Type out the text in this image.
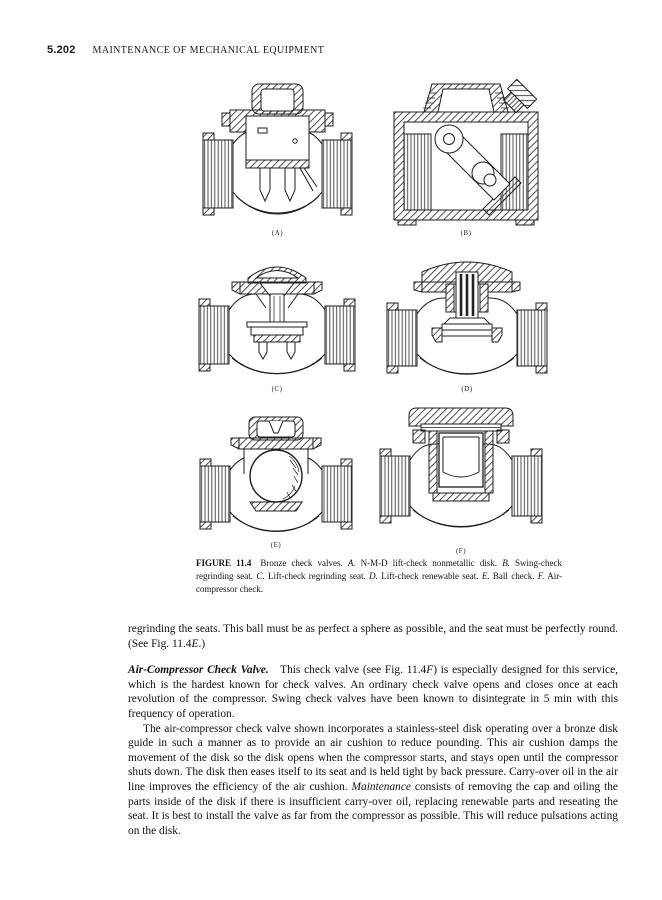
5.202 MAINTENANCE OF MECHANICAL EQUIPMENT
(A)	(B)
(C)	(D)
(E)
(F)
FIGURE 11.4 Bronze check valves. A. N-M-D lift-check nonmetallic disk. B. Swing-check regrinding seat. C. Lift-check regrinding seat. D. Lift-check renewable seat. E. Ball check. F. Air-compressor check.

regrinding the seats. This ball must be as perfect a sphere as possible, and the seat must be perfectly round. (See Fig. 11.4E.)

Air-Compressor Check Valve. This check valve (see Fig. 11.4F) is especially designed for this service, which is the hardest known for check valves. An ordinary check valve opens and closes once at each revolution of the compressor. Swing check valves have been known to disintegrate in 5 min with this frequency of operation.

The air-compressor check valve shown incorporates a stainless-steel disk operating over a bronze disk guide in such a manner as to provide an air cushion to reduce pounding. This air cushion damps the movement of the disk so the disk opens when the compressor starts, and stays open until the compressor shuts down. The disk then eases itself to its seat and is held tight by back pressure. Carry-over oil in the air line improves the efficiency of the air cushion. Maintenance consists of removing the cap and oiling the parts inside of the disk if there is insufficient carry-over oil, replacing renewable parts and reseating the seat. It is best to install the valve as far from the compressor as possible. This will reduce pulsations acting on the disk.
